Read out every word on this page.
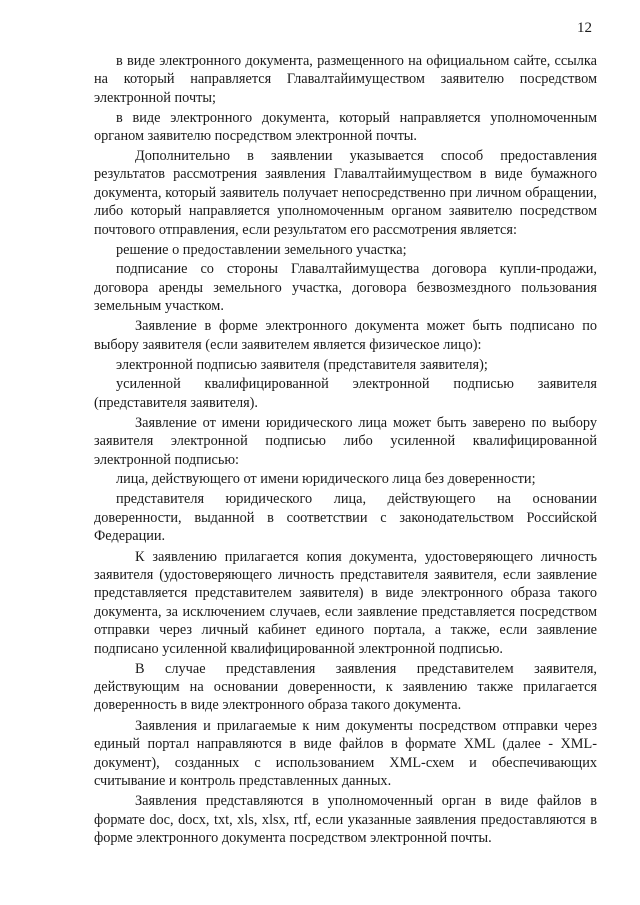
12

в виде электронного документа, размещенного на официальном сайте, ссылка на который направляется Главалтайимуществом заявителю посредством электронной почты;

в виде электронного документа, который направляется уполномоченным органом заявителю посредством электронной почты.

Дополнительно в заявлении указывается способ предоставления результатов рассмотрения заявления Главалтайимуществом в виде бумажного документа, который заявитель получает непосредственно при личном обращении, либо который направляется уполномоченным органом заявителю посредством почтового отправления, если результатом его рассмотрения является:

решение о предоставлении земельного участка;

подписание со стороны Главалтайимущества договора купли-продажи, договора аренды земельного участка, договора безвозмездного пользования земельным участком.

Заявление в форме электронного документа может быть подписано по выбору заявителя (если заявителем является физическое лицо):

электронной подписью заявителя (представителя заявителя);

усиленной квалифицированной электронной подписью заявителя (представителя заявителя).

Заявление от имени юридического лица может быть заверено по выбору заявителя электронной подписью либо усиленной квалифицированной электронной подписью:

лица, действующего от имени юридического лица без доверенности;

представителя юридического лица, действующего на основании доверенности, выданной в соответствии с законодательством Российской Федерации.

К заявлению прилагается копия документа, удостоверяющего личность заявителя (удостоверяющего личность представителя заявителя, если заявление представляется представителем заявителя) в виде электронного образа такого документа, за исключением случаев, если заявление представляется посредством отправки через личный кабинет единого портала, а также, если заявление подписано усиленной квалифицированной электронной подписью.

В случае представления заявления представителем заявителя, действующим на основании доверенности, к заявлению также прилагается доверенность в виде электронного образа такого документа.

Заявления и прилагаемые к ним документы посредством отправки через единый портал направляются в виде файлов в формате XML (далее - XML-документ), созданных с использованием XML-схем и обеспечивающих считывание и контроль представленных данных.

Заявления представляются в уполномоченный орган в виде файлов в формате doc, docx, txt, xls, xlsx, rtf, если указанные заявления предоставляются в форме электронного документа посредством электронной почты.
